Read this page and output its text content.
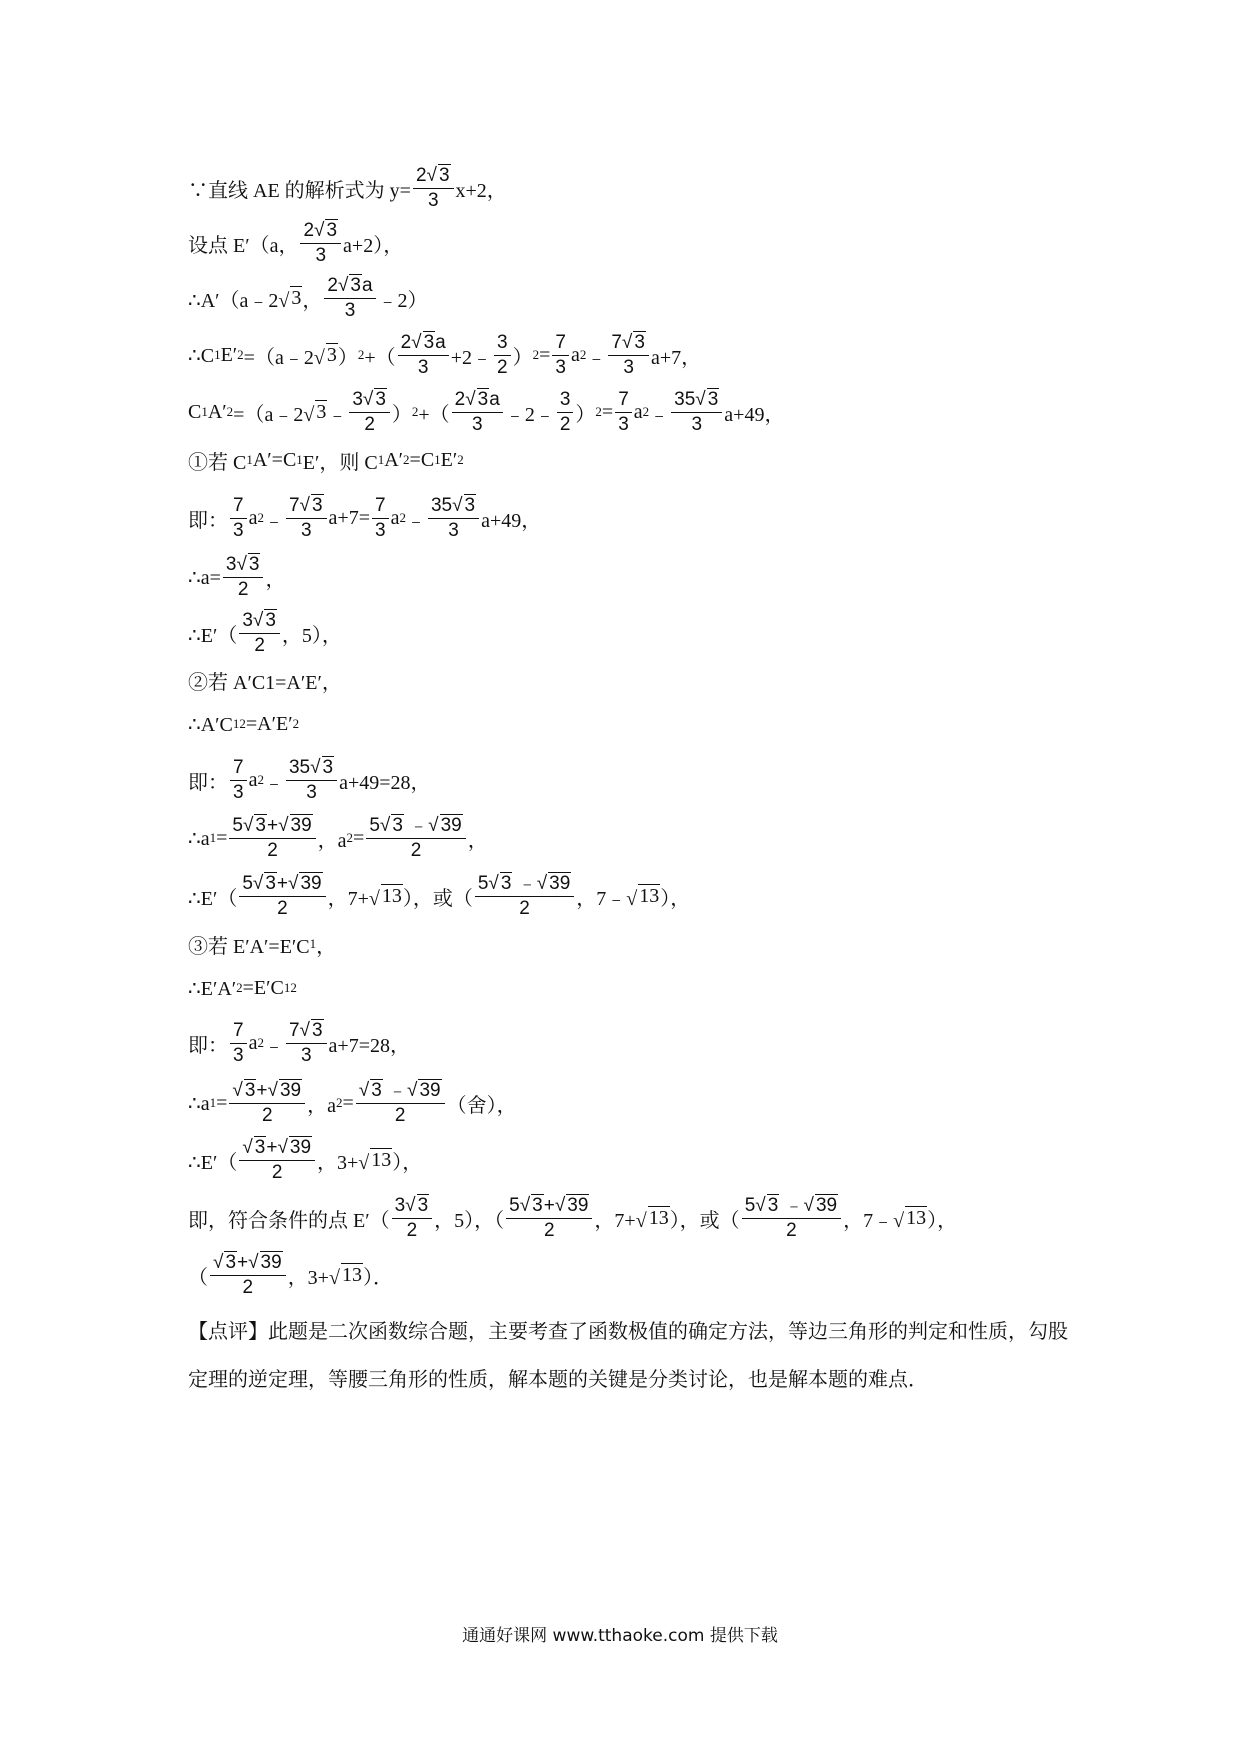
∵直线 AE 的解析式为 $y= \frac{2√ 3}{3} x+2$，
设点 E′（a， $\frac{2√ 3}{3} a+2$），
∴A′（a﹣2√ 3 ， $\frac{2√ 3a}{3}$ ﹣2）
∴C 1 E′ 2 =（a﹣2√ 3 ） 2 +（ $\frac{2√ 3a}{3}$ +2﹣ $\frac{3}{2}$ ） $2 = \frac{7}{3}$ a 2 ﹣ $\frac{7√ 3}{3} a+7$，
C 1 A′ 2 =（a﹣2√ 3 ﹣ $\frac{3√ 3}{2}$ ） 2 +（ $\frac{2√ 3a}{3}$ ﹣2﹣ $\frac{3}{2}$ ） $2 = \frac{7}{3}$ a 2 ﹣ $\frac{35√ 3}{3} a+49$，
①若 C 1 A′=C 1 E′，则 C 1 A′ 2 =C 1 E′ 2
即： $\frac{7}{3}$ a 2 ﹣ $\frac{7√ 3}{3} a+7= \frac{7}{3}$ a 2 ﹣ $\frac{35√ 3}{3} a+49$，
∴a= $\frac{3√ 3}{2}$ ，
∴E′（ $\frac{3√ 3}{2}$ ，5），
②若 A′C1=A′E′，
∴A′C 1 2 =A′E′ 2
即： $\frac{7}{3}$ a 2 ﹣ $\frac{35√ 3}{3} a+49=28$，
∴a $1 = \frac{5√ 3+√ 39}{2}$ ，a $2 = \frac{5√ 3 ﹣√ 39}{2}$ ，
∴E′（ $\frac{5√ 3+√ 39}{2}$ ，7+√ 13 ），或（ $\frac{5√ 3 ﹣√ 39}{2}$ ，7﹣√ 13 ），
③若 E′A′=E′C 1 ，
∴E′A′ 2 =E′C 1 2
即： $\frac{7}{3}$ a 2 ﹣ $\frac{7√ 3}{3} a+7=28$，
∴a $1 = \frac{√ 3+√ 39}{2}$ ，a $2 = \frac{√ 3 ﹣√ 39}{2}$ （舍），
∴E′（ $\frac{√ 3+√ 39}{2}$ ，3+√ 13 ），
即，符合条件的点 $E'( \frac{3√ 3}{2}$ ，5），（ $\frac{5√ 3+√ 39}{2}$ ，7+√ 13 ），或（ $\frac{5√ 3 ﹣√ 39}{2}$ ，7﹣√ 13 ），
（ $\frac{√ 3+√ 39}{2}$ ，3+√ 13 ）．
【点评】此题是二次函数综合题，主要考查了函数极值的确定方法，等边三角形的判定和性质，勾股定理的逆定理，等腰三角形的性质，解本题的关键是分类讨论，也是解本题的难点．
通通好课网 www.tthaoke.com 提供下载
